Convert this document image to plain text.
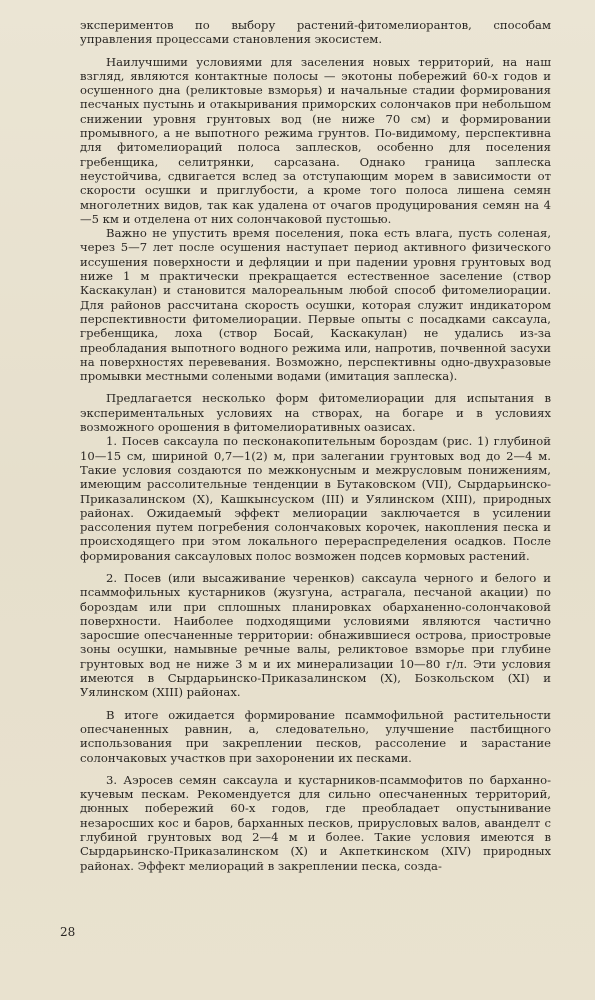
экспериментов по выбору растений-фитомелиорантов, способам управления процессами становления экосистем.

Наилучшими условиями для заселения новых территорий, на наш взгляд, являются контактные полосы — экотоны побережий 60-х годов и осушенного дна (реликтовые взморья) и начальные стадии формирования песчаных пустынь и отакыривания приморских солончаков при небольшом снижении уровня грунтовых вод (не ниже 70 см) и формировании промывного, а не выпотного режима грунтов. По-видимому, перспективна для фитомелиораций полоса заплесков, особенно для поселения гребенщика, селитрянки, сарсазана. Однако граница заплеска неустойчива, сдвигается вслед за отступающим морем в зависимости от скорости осушки и приглубости, а кроме того полоса лишена семян многолетних видов, так как удалена от очагов продуцирования семян на 4—5 км и отделена от них солончаковой пустошью.

Важно не упустить время поселения, пока есть влага, пусть соленая, через 5—7 лет после осушения наступает период активного физического иссушения поверхности и дефляции и при падении уровня грунтовых вод ниже 1 м практически прекращается естественное заселение (створ Каскакулан) и становится малореальным любой способ фитомелиорации. Для районов рассчитана скорость осушки, которая служит индикатором перспективности фитомелиорации. Первые опыты с посадками саксаула, гребенщика, лоха (створ Босай, Каскакулан) не удались из-за преобладания выпотного водного режима или, напротив, почвенной засухи на поверхностях перевевания. Возможно, перспективны одно-двухразовые промывки местными солеными водами (имитация заплеска).

Предлагается несколько форм фитомелиорации для испытания в экспериментальных условиях на створах, на богаре и в условиях возможного орошения в фитомелиоративных оазисах.

1. Посев саксаула по песконакопительным бороздам (рис. 1) глубиной 10—15 см, шириной 0,7—1(2) м, при залегании грунтовых вод до 2—4 м. Такие условия создаются по межконусным и межрусловым понижениям, имеющим рассолительные тенденции в Бутаковском (VII), Сырдарьинско-Приказалинском (X), Кашкынсуском (III) и Уялинском (XIII), природных районах. Ожидаемый эффект мелиорации заключается в усилении рассоления путем погребения солончаковых корочек, накопления песка и происходящего при этом локального перераспределения осадков. После формирования саксауловых полос возможен подсев кормовых растений.

2. Посев (или высаживание черенков) саксаула черного и белого и псаммофильных кустарников (жузгуна, астрагала, песчаной акации) по бороздам или при сплошных планировках обарханенно-солончаковой поверхности. Наиболее подходящими условиями являются частично заросшие опесчаненные территории: обнажившиеся острова, приостровые зоны осушки, намывные речные валы, реликтовое взморье при глубине грунтовых вод не ниже 3 м и их минерализации 10—80 г/л. Эти условия имеются в Сырдарьинско-Приказалинском (X), Бозкольском (XI) и Уялинском (XIII) районах.

В итоге ожидается формирование псаммофильной растительности опесчаненных равнин, а, следовательно, улучшение пастбищного использования при закреплении песков, рассоление и зарастание солончаковых участков при захоронении их песками.

3. Аэросев семян саксаула и кустарников-псаммофитов по барханно-кучевым пескам. Рекомендуется для сильно опесчаненных территорий, дюнных побережий 60-х годов, где преобладает опустынивание незаросших кос и баров, барханных песков, прирусловых валов, аванделт с глубиной грунтовых вод 2—4 м и более. Такие условия имеются в Сырдарьинско-Приказалинском (X) и Акпеткинском (XIV) природных районах. Эффект мелиораций в закреплении песка, созда-

28
